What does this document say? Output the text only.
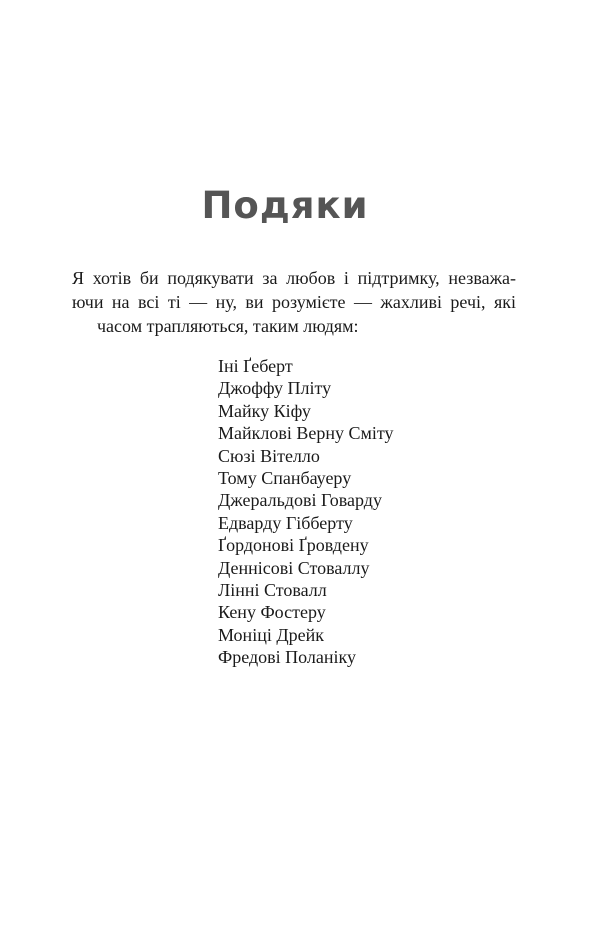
Подяки

Я хотів би подякувати за любов і підтримку, незважа-
ючи на всі ті — ну, ви розумієте — жахливі речі, які
часом трапляються, таким людям:

Іні Ґеберт
Джоффу Пліту
Майку Кіфу
Майклові Верну Сміту
Сюзі Вітелло
Тому Спанбауеру
Джеральдові Говарду
Едварду Гібберту
Ґордонові Ґровдену
Деннісові Стоваллу
Лінні Стовалл
Кену Фостеру
Моніці Дрейк
Фредові Поланіку
